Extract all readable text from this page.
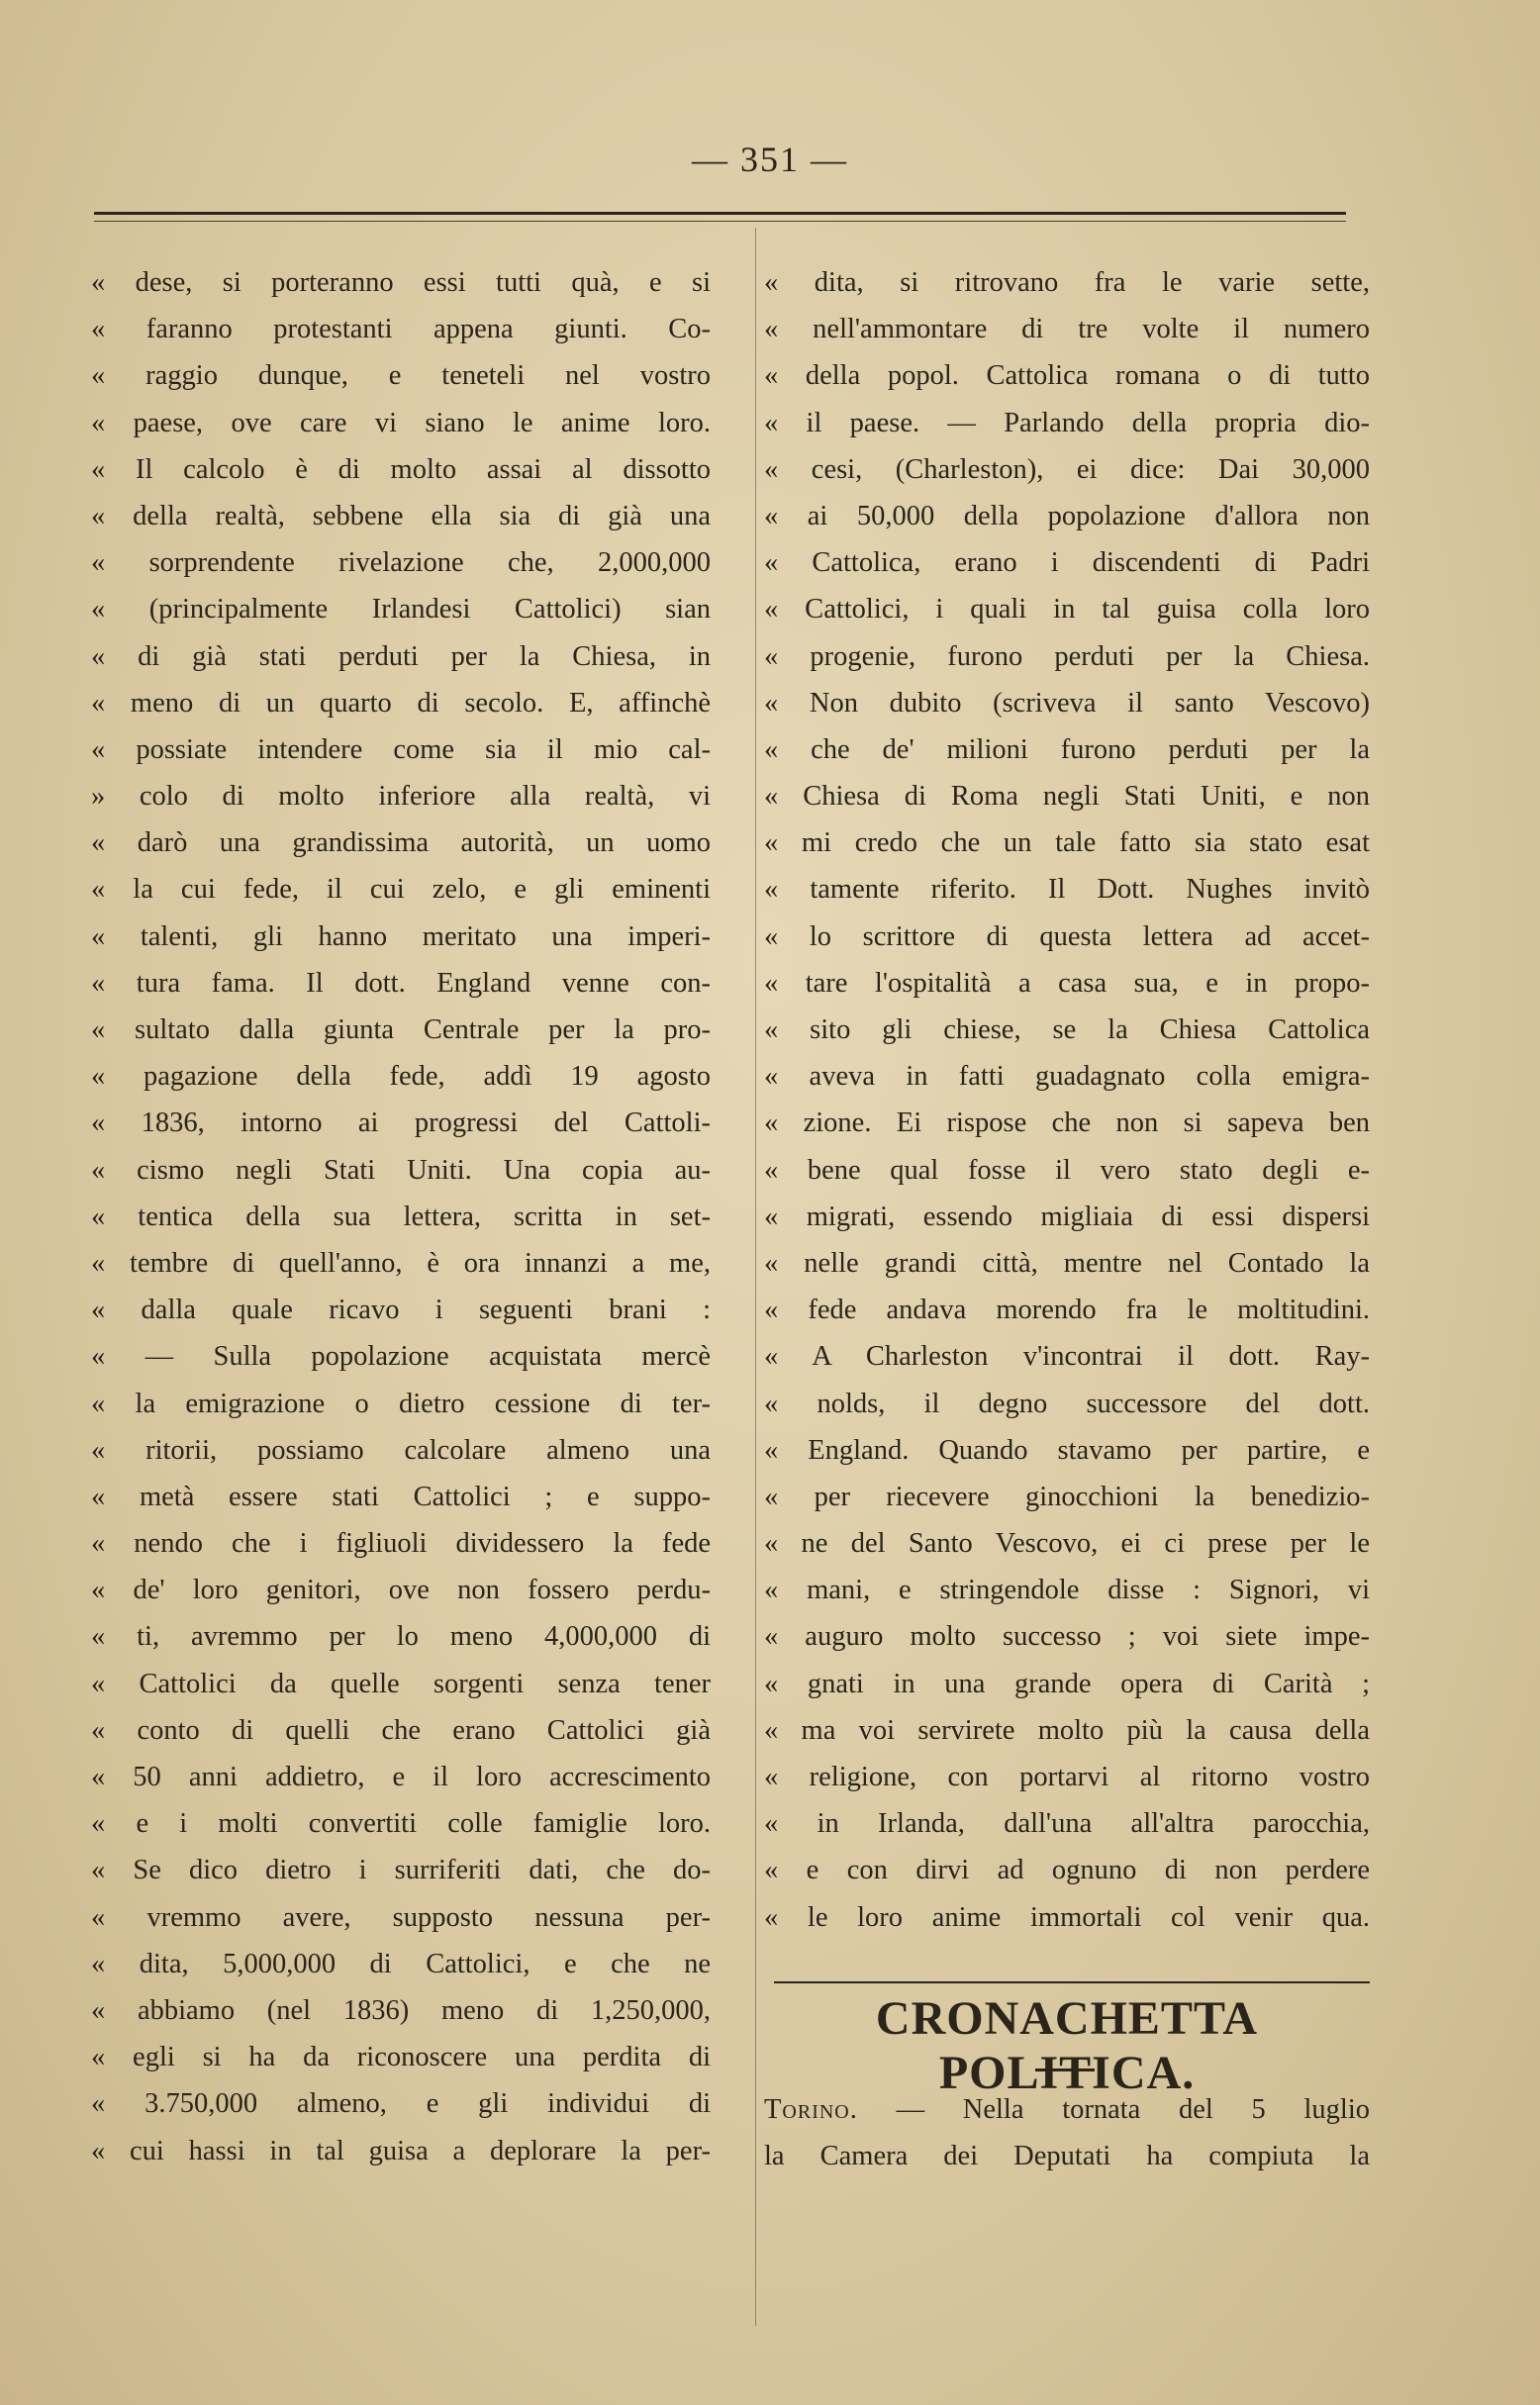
— 351 —
« dese, si porteranno essi tutti quà, e si
« faranno protestanti appena giunti. Co-
« raggio dunque, e teneteli nel vostro
« paese, ove care vi siano le anime loro.
« Il calcolo è di molto assai al dissotto
« della realtà, sebbene ella sia di già una
« sorprendente rivelazione che, 2,000,000
« (principalmente Irlandesi Cattolici) sian
« di già stati perduti per la Chiesa, in
« meno di un quarto di secolo. E, affinchè
« possiate intendere come sia il mio cal-
» colo di molto inferiore alla realtà, vi
« darò una grandissima autorità, un uomo
« la cui fede, il cui zelo, e gli eminenti
« talenti, gli hanno meritato una imperi-
« tura fama. Il dott. England venne con-
« sultato dalla giunta Centrale per la pro-
« pagazione della fede, addì 19 agosto
« 1836, intorno ai progressi del Cattoli-
« cismo negli Stati Uniti. Una copia au-
« tentica della sua lettera, scritta in set-
« tembre di quell'anno, è ora innanzi a me,
« dalla quale ricavo i seguenti brani :
« — Sulla popolazione acquistata mercè
« la emigrazione o dietro cessione di ter-
« ritorii, possiamo calcolare almeno una
« metà essere stati Cattolici ; e suppo-
« nendo che i figliuoli dividessero la fede
« de' loro genitori, ove non fossero perdu-
« ti, avremmo per lo meno 4,000,000 di
« Cattolici da quelle sorgenti senza tener
« conto di quelli che erano Cattolici già
« 50 anni addietro, e il loro accrescimento
« e i molti convertiti colle famiglie loro.
« Se dico dietro i surriferiti dati, che do-
« vremmo avere, supposto nessuna per-
« dita, 5,000,000 di Cattolici, e che ne
« abbiamo (nel 1836) meno di 1,250,000,
« egli si ha da riconoscere una perdita di
« 3.750,000 almeno, e gli individui di
« cui hassi in tal guisa a deplorare la per-
« dita, si ritrovano fra le varie sette,
« nell'ammontare di tre volte il numero
« della popol. Cattolica romana o di tutto
« il paese. — Parlando della propria dio-
« cesi, (Charleston), ei dice: Dai 30,000
« ai 50,000 della popolazione d'allora non
« Cattolica, erano i discendenti di Padri
« Cattolici, i quali in tal guisa colla loro
« progenie, furono perduti per la Chiesa.
« Non dubito (scriveva il santo Vescovo)
« che de' milioni furono perduti per la
« Chiesa di Roma negli Stati Uniti, e non
« mi credo che un tale fatto sia stato esat
« tamente riferito. Il Dott. Nughes invitò
« lo scrittore di questa lettera ad accet-
« tare l'ospitalità a casa sua, e in propo-
« sito gli chiese, se la Chiesa Cattolica
« aveva in fatti guadagnato colla emigra-
« zione. Ei rispose che non si sapeva ben
« bene qual fosse il vero stato degli e-
« migrati, essendo migliaia di essi dispersi
« nelle grandi città, mentre nel Contado la
« fede andava morendo fra le moltitudini.
« A Charleston v'incontrai il dott. Ray-
« nolds, il degno successore del dott.
« England. Quando stavamo per partire, e
« per riecevere ginocchioni la benedizio-
« ne del Santo Vescovo, ei ci prese per le
« mani, e stringendole disse : Signori, vi
« auguro molto successo ; voi siete impe-
« gnati in una grande opera di Carità ;
« ma voi servirete molto più la causa della
« religione, con portarvi al ritorno vostro
« in Irlanda, dall'una all'altra parocchia,
« e con dirvi ad ognuno di non perdere
« le loro anime immortali col venir qua.
CRONACHETTA POLITICA.
Torino. — Nella tornata del 5 luglio
la Camera dei Deputati ha compiuta la
